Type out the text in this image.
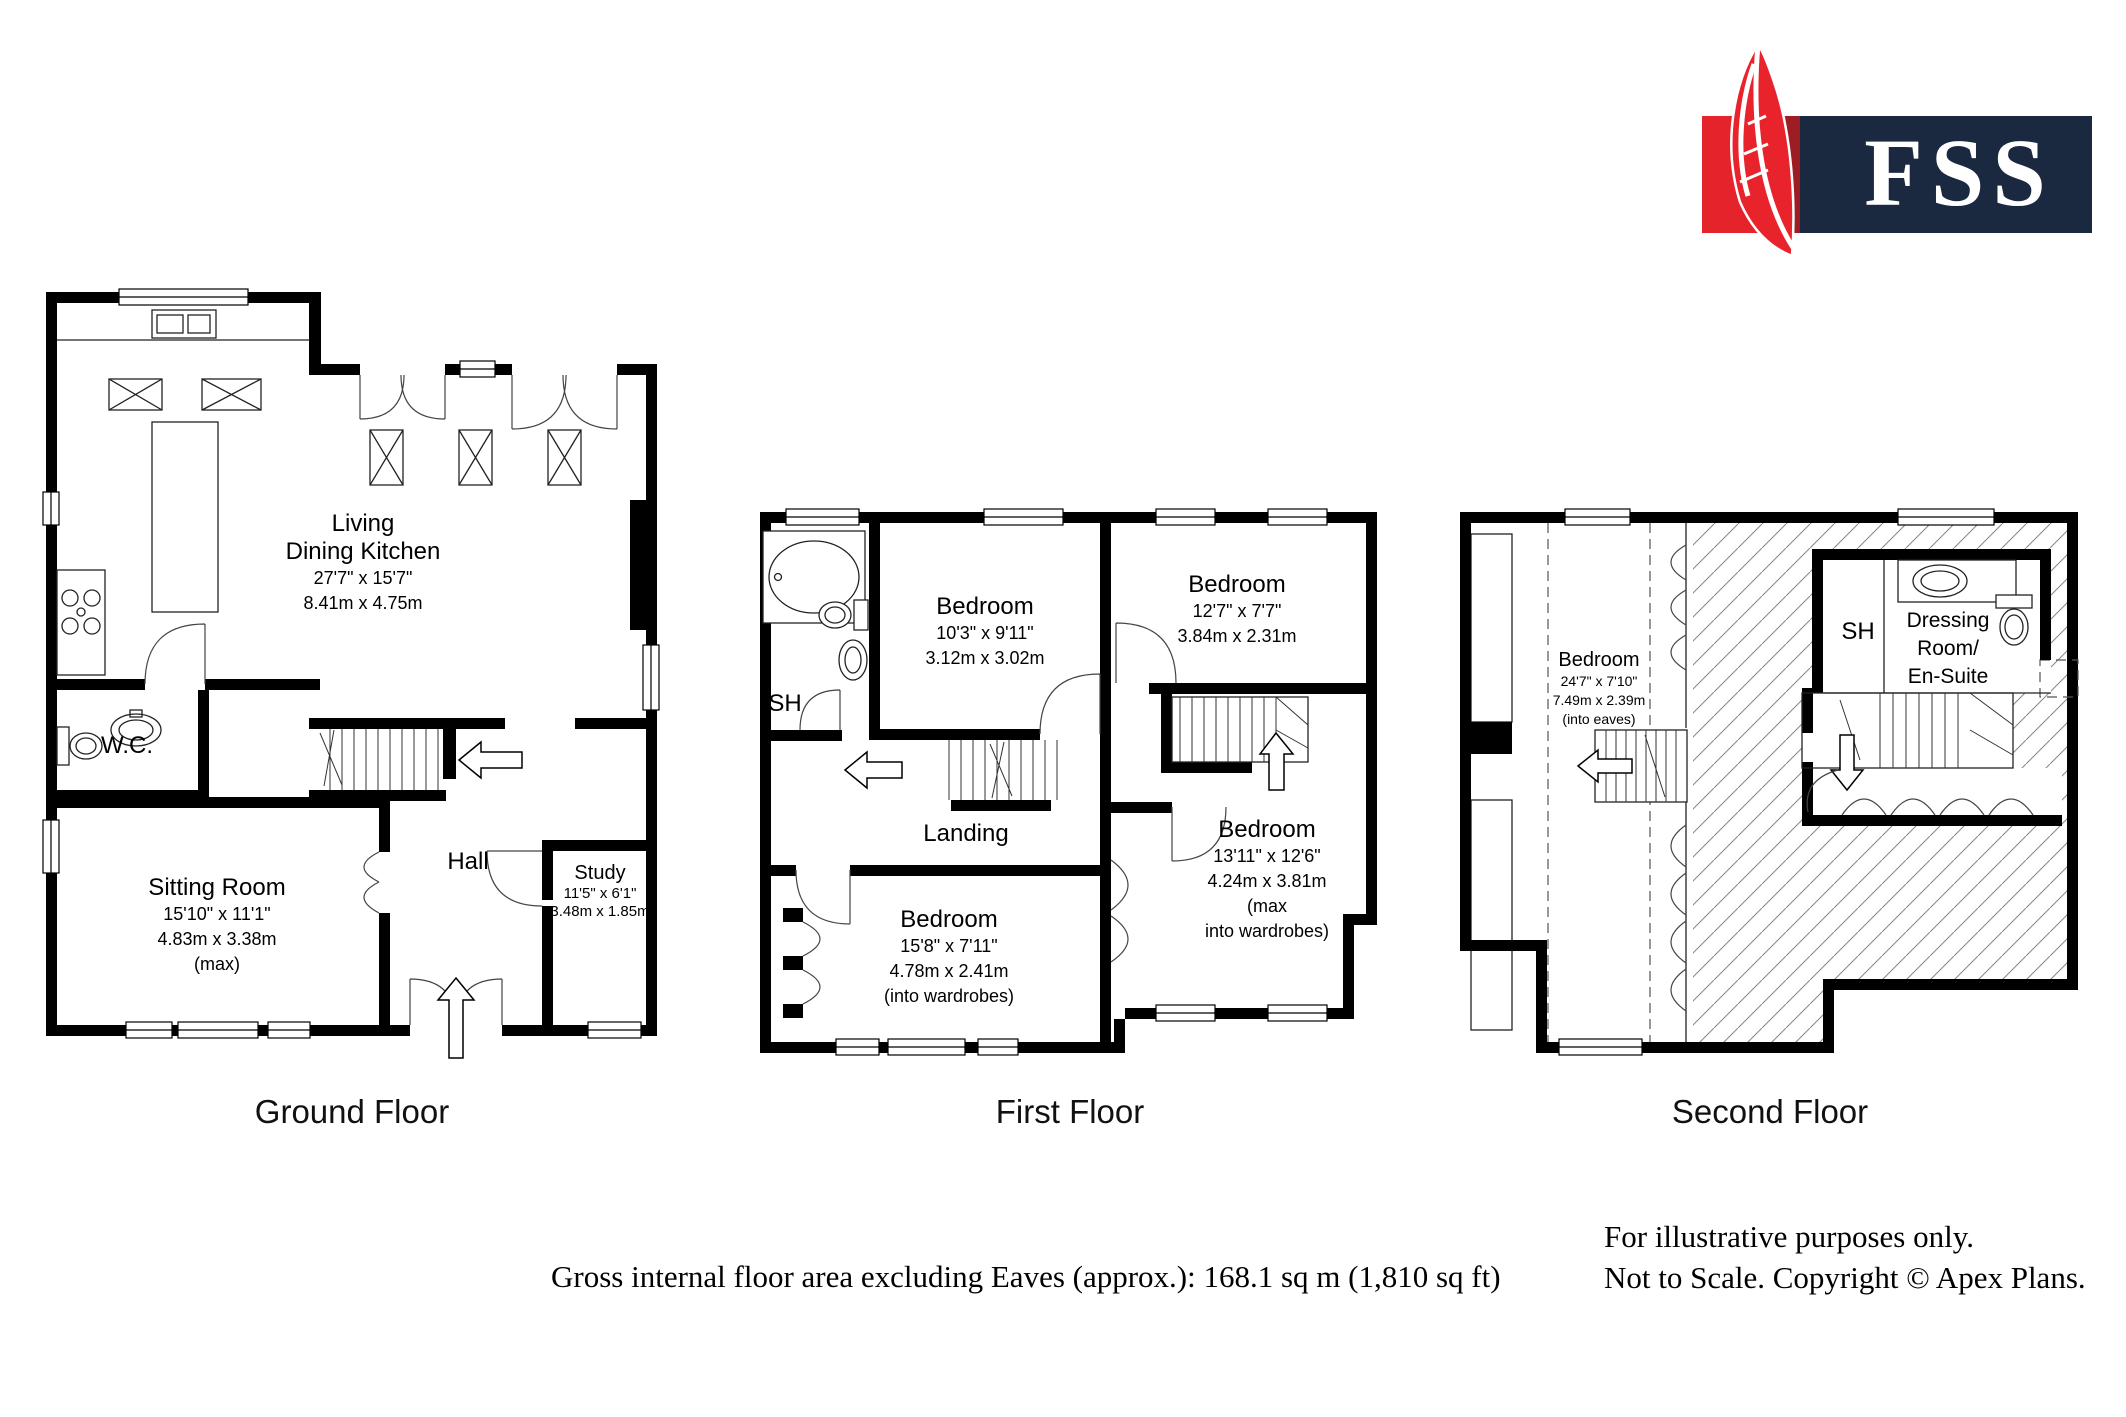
FSS
Living
Dining Kitchen
27'7" x 15'7"
8.41m x 4.75m
W.C.
Sitting Room
15'10" x 11'1"
4.83m x 3.38m
(max)
Hall	Study
11'5" x 6'1"
3.48m x 1.85m
Bedroom
10'3" x 9'11"
3.12m x 3.02m
Bedroom
12'7" x 7'7"
3.84m x 2.31m
SH
Landing
Bedroom
15'8" x 7'11"
4.78m x 2.41m
(into wardrobes)
Bedroom
13'11" x 12'6"
4.24m x 3.81m
(max
into wardrobes)
Bedroom
24'7" x 7'10"
7.49m x 2.39m
(into eaves)
SH Dressing
Room/
En-Suite
Ground Floor	First Floor	Second Floor
Gross internal floor area excluding Eaves (approx.): 168.1 sq m (1,810 sq ft)
For illustrative purposes only.
Not to Scale. Copyright © Apex Plans.
